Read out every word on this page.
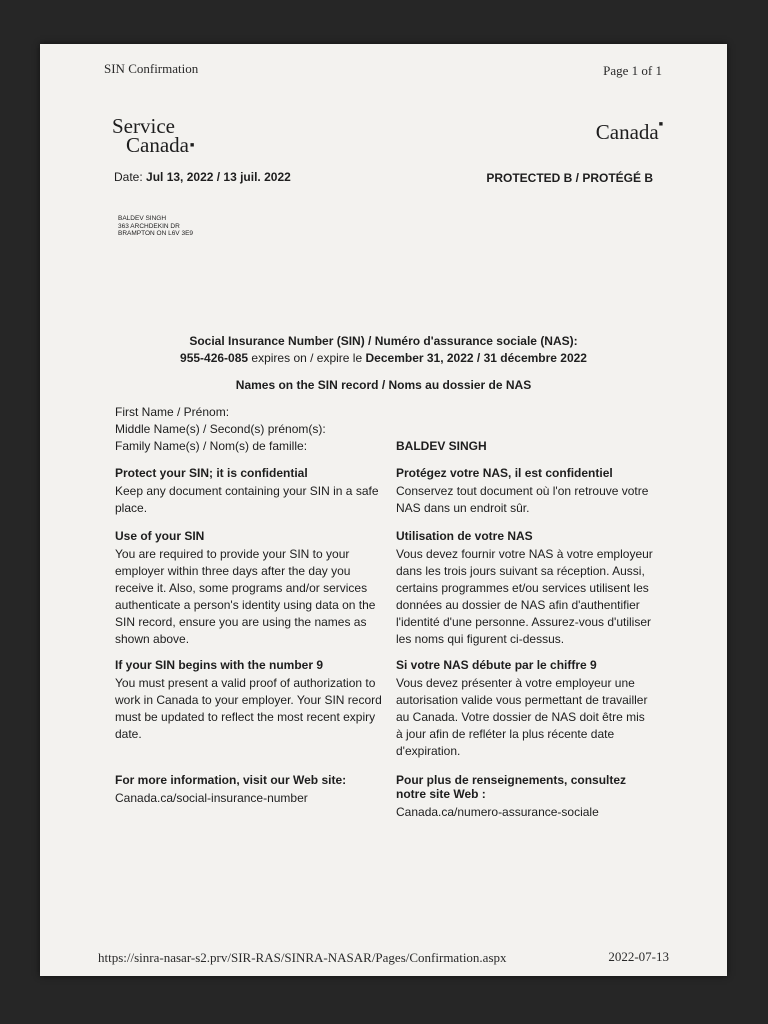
SIN Confirmation	Page 1 of 1
Service
Canada■
Canada■
Date: Jul 13, 2022 / 13 juil. 2022	PROTECTED B / PROTÉGÉ B
BALDEV SINGH
363 ARCHDEKIN DR
BRAMPTON ON L6V 3E9
Social Insurance Number (SIN) / Numéro d'assurance sociale (NAS):
955-426-085 expires on / expire le December 31, 2022 / 31 décembre 2022
Names on the SIN record / Noms au dossier de NAS
First Name / Prénom:
Middle Name(s) / Second(s) prénom(s):
Family Name(s) / Nom(s) de famille:	BALDEV SINGH

Protect your SIN; it is confidential

Keep any document containing your SIN in a safe place.

Protégez votre NAS, il est confidentiel

Conservez tout document où l'on retrouve votre NAS dans un endroit sûr.

Use of your SIN

You are required to provide your SIN to your employer within three days after the day you receive it. Also, some programs and/or services authenticate a person's identity using data on the SIN record, ensure you are using the names as shown above.

Utilisation de votre NAS

Vous devez fournir votre NAS à votre employeur dans les trois jours suivant sa réception. Aussi, certains programmes et/ou services utilisent les données au dossier de NAS afin d'authentifier l'identité d'une personne. Assurez-vous d'utiliser les noms qui figurent ci-dessus.

If your SIN begins with the number 9

You must present a valid proof of authorization to work in Canada to your employer. Your SIN record must be updated to reflect the most recent expiry date.

Si votre NAS débute par le chiffre 9

Vous devez présenter à votre employeur une autorisation valide vous permettant de travailler au Canada. Votre dossier de NAS doit être mis à jour afin de refléter la plus récente date d'expiration.

For more information, visit our Web site:

Canada.ca/social-insurance-number

Pour plus de renseignements, consultez notre site Web :

Canada.ca/numero-assurance-sociale

https://sinra-nasar-s2.prv/SIR-RAS/SINRA-NASAR/Pages/Confirmation.aspx	2022-07-13
